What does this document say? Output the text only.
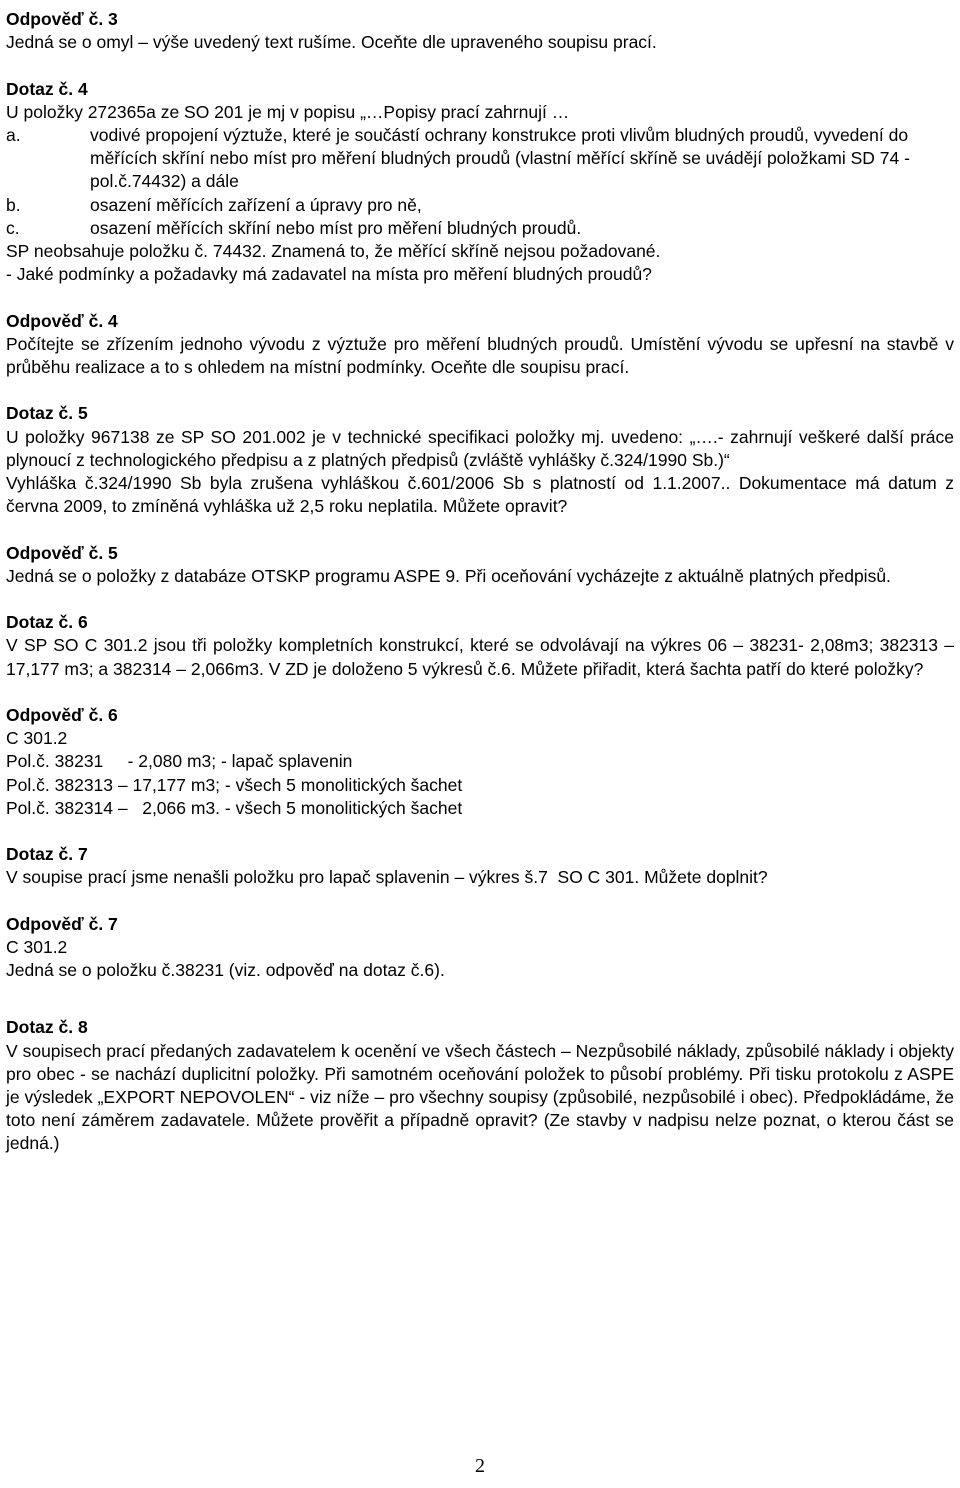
Odpověď č. 3

Jedná se o omyl – výše uvedený text rušíme. Oceňte dle upraveného soupisu prací.

Dotaz č. 4

U položky 272365a ze SO 201 je mj v popisu „…Popisy prací zahrnují …

a.	vodivé propojení výztuže, které je součástí ochrany konstrukce proti vlivům bludných proudů, vyvedení do měřících skříní nebo míst pro měření bludných proudů (vlastní měřící skříně se uvádějí položkami SD 74 - pol.č.74432) a dále
b.	osazení měřících zařízení a úpravy pro ně,
c.	osazení měřících skříní nebo míst pro měření bludných proudů.

SP neobsahuje položku č. 74432. Znamená to, že měřící skříně nejsou požadované.

- Jaké podmínky a požadavky má zadavatel na místa pro měření bludných proudů?

Odpověď č. 4

Počítejte se zřízením jednoho vývodu z výztuže pro měření bludných proudů. Umístění vývodu se upřesní na stavbě v průběhu realizace a to s ohledem na místní podmínky. Oceňte dle soupisu prací.

Dotaz č. 5

U položky 967138 ze SP SO 201.002 je v technické specifikaci položky mj. uvedeno: „….- zahrnují veškeré další práce plynoucí z technologického předpisu a z platných předpisů (zvláště vyhlášky č.324/1990 Sb.)“

Vyhláška č.324/1990 Sb byla zrušena vyhláškou č.601/2006 Sb s platností od 1.1.2007.. Dokumentace má datum z června 2009, to zmíněná vyhláška už 2,5 roku neplatila. Můžete opravit?

Odpověď č. 5

Jedná se o položky z databáze OTSKP programu ASPE 9. Při oceňování vycházejte z aktuálně platných předpisů.

Dotaz č. 6

V SP SO C 301.2 jsou tři položky kompletních konstrukcí, které se odvolávají na výkres 06 – 38231- 2,08m3; 382313 – 17,177 m3; a 382314 – 2,066m3. V ZD je doloženo 5 výkresů č.6. Můžete přiřadit, která šachta patří do které položky?

Odpověď č. 6

C 301.2

Pol.č. 38231     - 2,080 m3; - lapač splavenin

Pol.č. 382313 – 17,177 m3; - všech 5 monolitických šachet

Pol.č. 382314 –   2,066 m3. - všech 5 monolitických šachet

Dotaz č. 7

V soupise prací jsme nenašli položku pro lapač splavenin – výkres š.7  SO C 301. Můžete doplnit?

Odpověď č. 7

C 301.2

Jedná se o položku č.38231 (viz. odpověď na dotaz č.6).

Dotaz č. 8

V soupisech prací předaných zadavatelem k ocenění ve všech částech – Nezpůsobilé náklady, způsobilé náklady i objekty pro obec - se nachází duplicitní položky. Při samotném oceňování položek to působí problémy. Při tisku protokolu z ASPE je výsledek „EXPORT NEPOVOLEN“ - viz níže – pro všechny soupisy (způsobilé, nezpůsobilé i obec). Předpokládáme, že toto není záměrem zadavatele. Můžete prověřit a případně opravit? (Ze stavby v nadpisu nelze poznat, o kterou část se jedná.)

2
